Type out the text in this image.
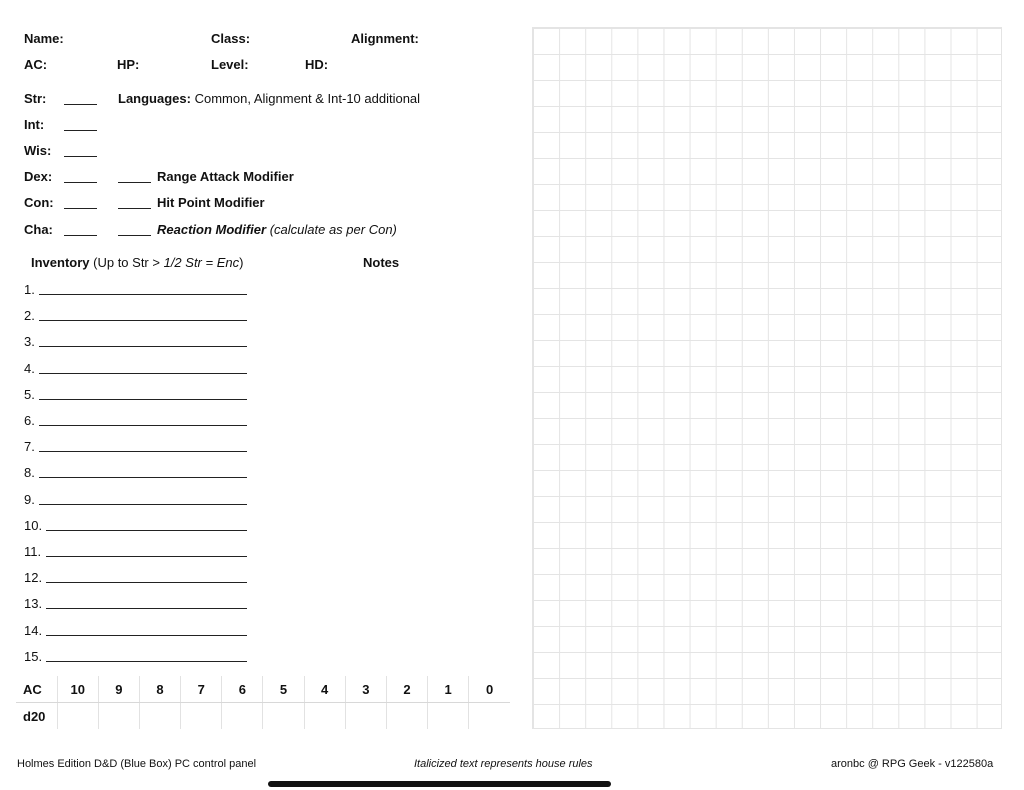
Name:	Class:	Alignment:
AC:	HP:	Level:	HD:
Str:	Languages: Common, Alignment & Int-10 additional
Int:
Wis:
Dex:	Range Attack Modifier
Con:	Hit Point Modifier
Cha:	Reaction Modifier (calculate as per Con)
Inventory (Up to Str > 1/2 Str = Enc)	Notes
1.
2.
3.
4.
5.
6.
7.
8.
9.
10.
11.
12.
13.
14.
15.
AC	10	9	8	7	6	5	4	3	2	1	0
d20											
Holmes Edition D&D (Blue Box) PC control panel	Italicized text represents house rules	aronbc @ RPG Geek - v122580a
